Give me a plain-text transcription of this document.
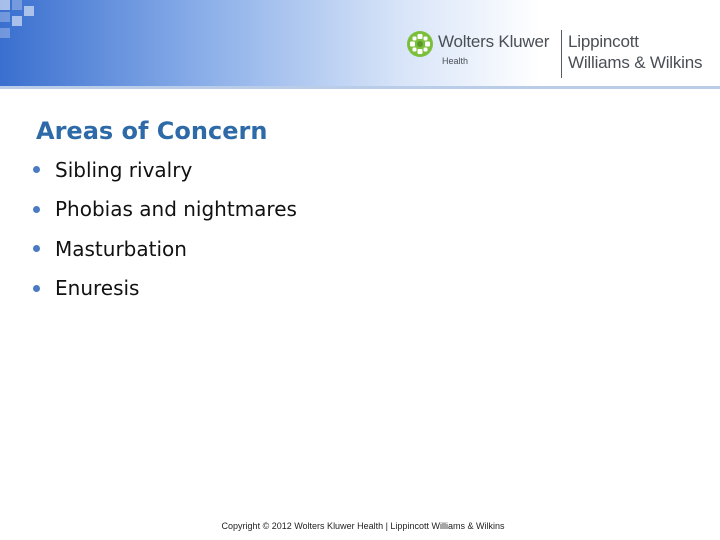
Wolters Kluwer
Health
Lippincott
Williams & Wilkins
Areas of Concern
Sibling rivalry
Phobias and nightmares
Masturbation
Enuresis
Copyright © 2012 Wolters Kluwer Health | Lippincott Williams & Wilkins
